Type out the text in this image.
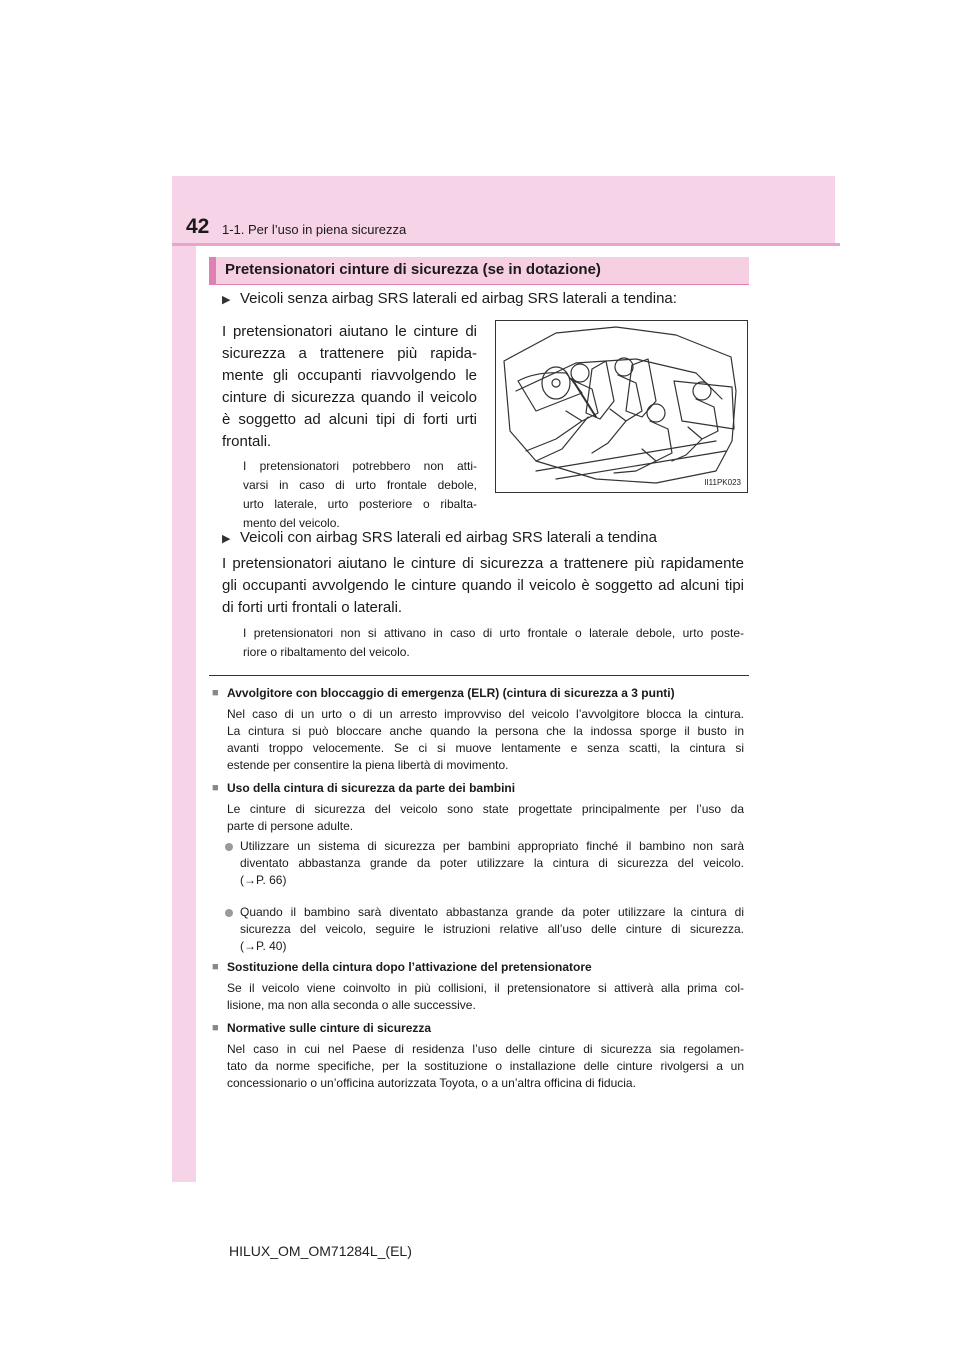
42 1-1. Per l’uso in piena sicurezza
Pretensionatori cinture di sicurezza (se in dotazione)
▶ Veicoli senza airbag SRS laterali ed airbag SRS laterali a tendina:
I pretensionatori aiutano le cinture di
sicurezza a trattenere più rapida-
mente gli occupanti riavvolgendo le
cinture di sicurezza quando il veicolo
è soggetto ad alcuni tipi di forti urti
frontali.
I pretensionatori potrebbero non atti-
varsi in caso di urto frontale debole,
urto laterale, urto posteriore o ribalta-
mento del veicolo.
II11PK023
▶ Veicoli con airbag SRS laterali ed airbag SRS laterali a tendina
I pretensionatori aiutano le cinture di sicurezza a trattenere più rapidamente
gli occupanti avvolgendo le cinture quando il veicolo è soggetto ad alcuni tipi
di forti urti frontali o laterali.
I pretensionatori non si attivano in caso di urto frontale o laterale debole, urto poste-
riore o ribaltamento del veicolo.
■ Avvolgitore con bloccaggio di emergenza (ELR) (cintura di sicurezza a 3 punti)
Nel caso di un urto o di un arresto improvviso del veicolo l’avvolgitore blocca la cintura.
La cintura si può bloccare anche quando la persona che la indossa sporge il busto in
avanti troppo velocemente. Se ci si muove lentamente e senza scatti, la cintura si
estende per consentire la piena libertà di movimento.
■ Uso della cintura di sicurezza da parte dei bambini
Le cinture di sicurezza del veicolo sono state progettate principalmente per l’uso da
parte di persone adulte.
Utilizzare un sistema di sicurezza per bambini appropriato finché il bambino non sarà
diventato abbastanza grande da poter utilizzare la cintura di sicurezza del veicolo.
(→P. 66)
Quando il bambino sarà diventato abbastanza grande da poter utilizzare la cintura di
sicurezza del veicolo, seguire le istruzioni relative all’uso delle cinture di sicurezza.
(→P. 40)
■ Sostituzione della cintura dopo l’attivazione del pretensionatore
Se il veicolo viene coinvolto in più collisioni, il pretensionatore si attiverà alla prima col-
lisione, ma non alla seconda o alle successive.
■ Normative sulle cinture di sicurezza
Nel caso in cui nel Paese di residenza l’uso delle cinture di sicurezza sia regolamen-
tato da norme specifiche, per la sostituzione o installazione delle cinture rivolgersi a un
concessionario o un’officina autorizzata Toyota, o a un’altra officina di fiducia.
HILUX_OM_OM71284L_(EL)
